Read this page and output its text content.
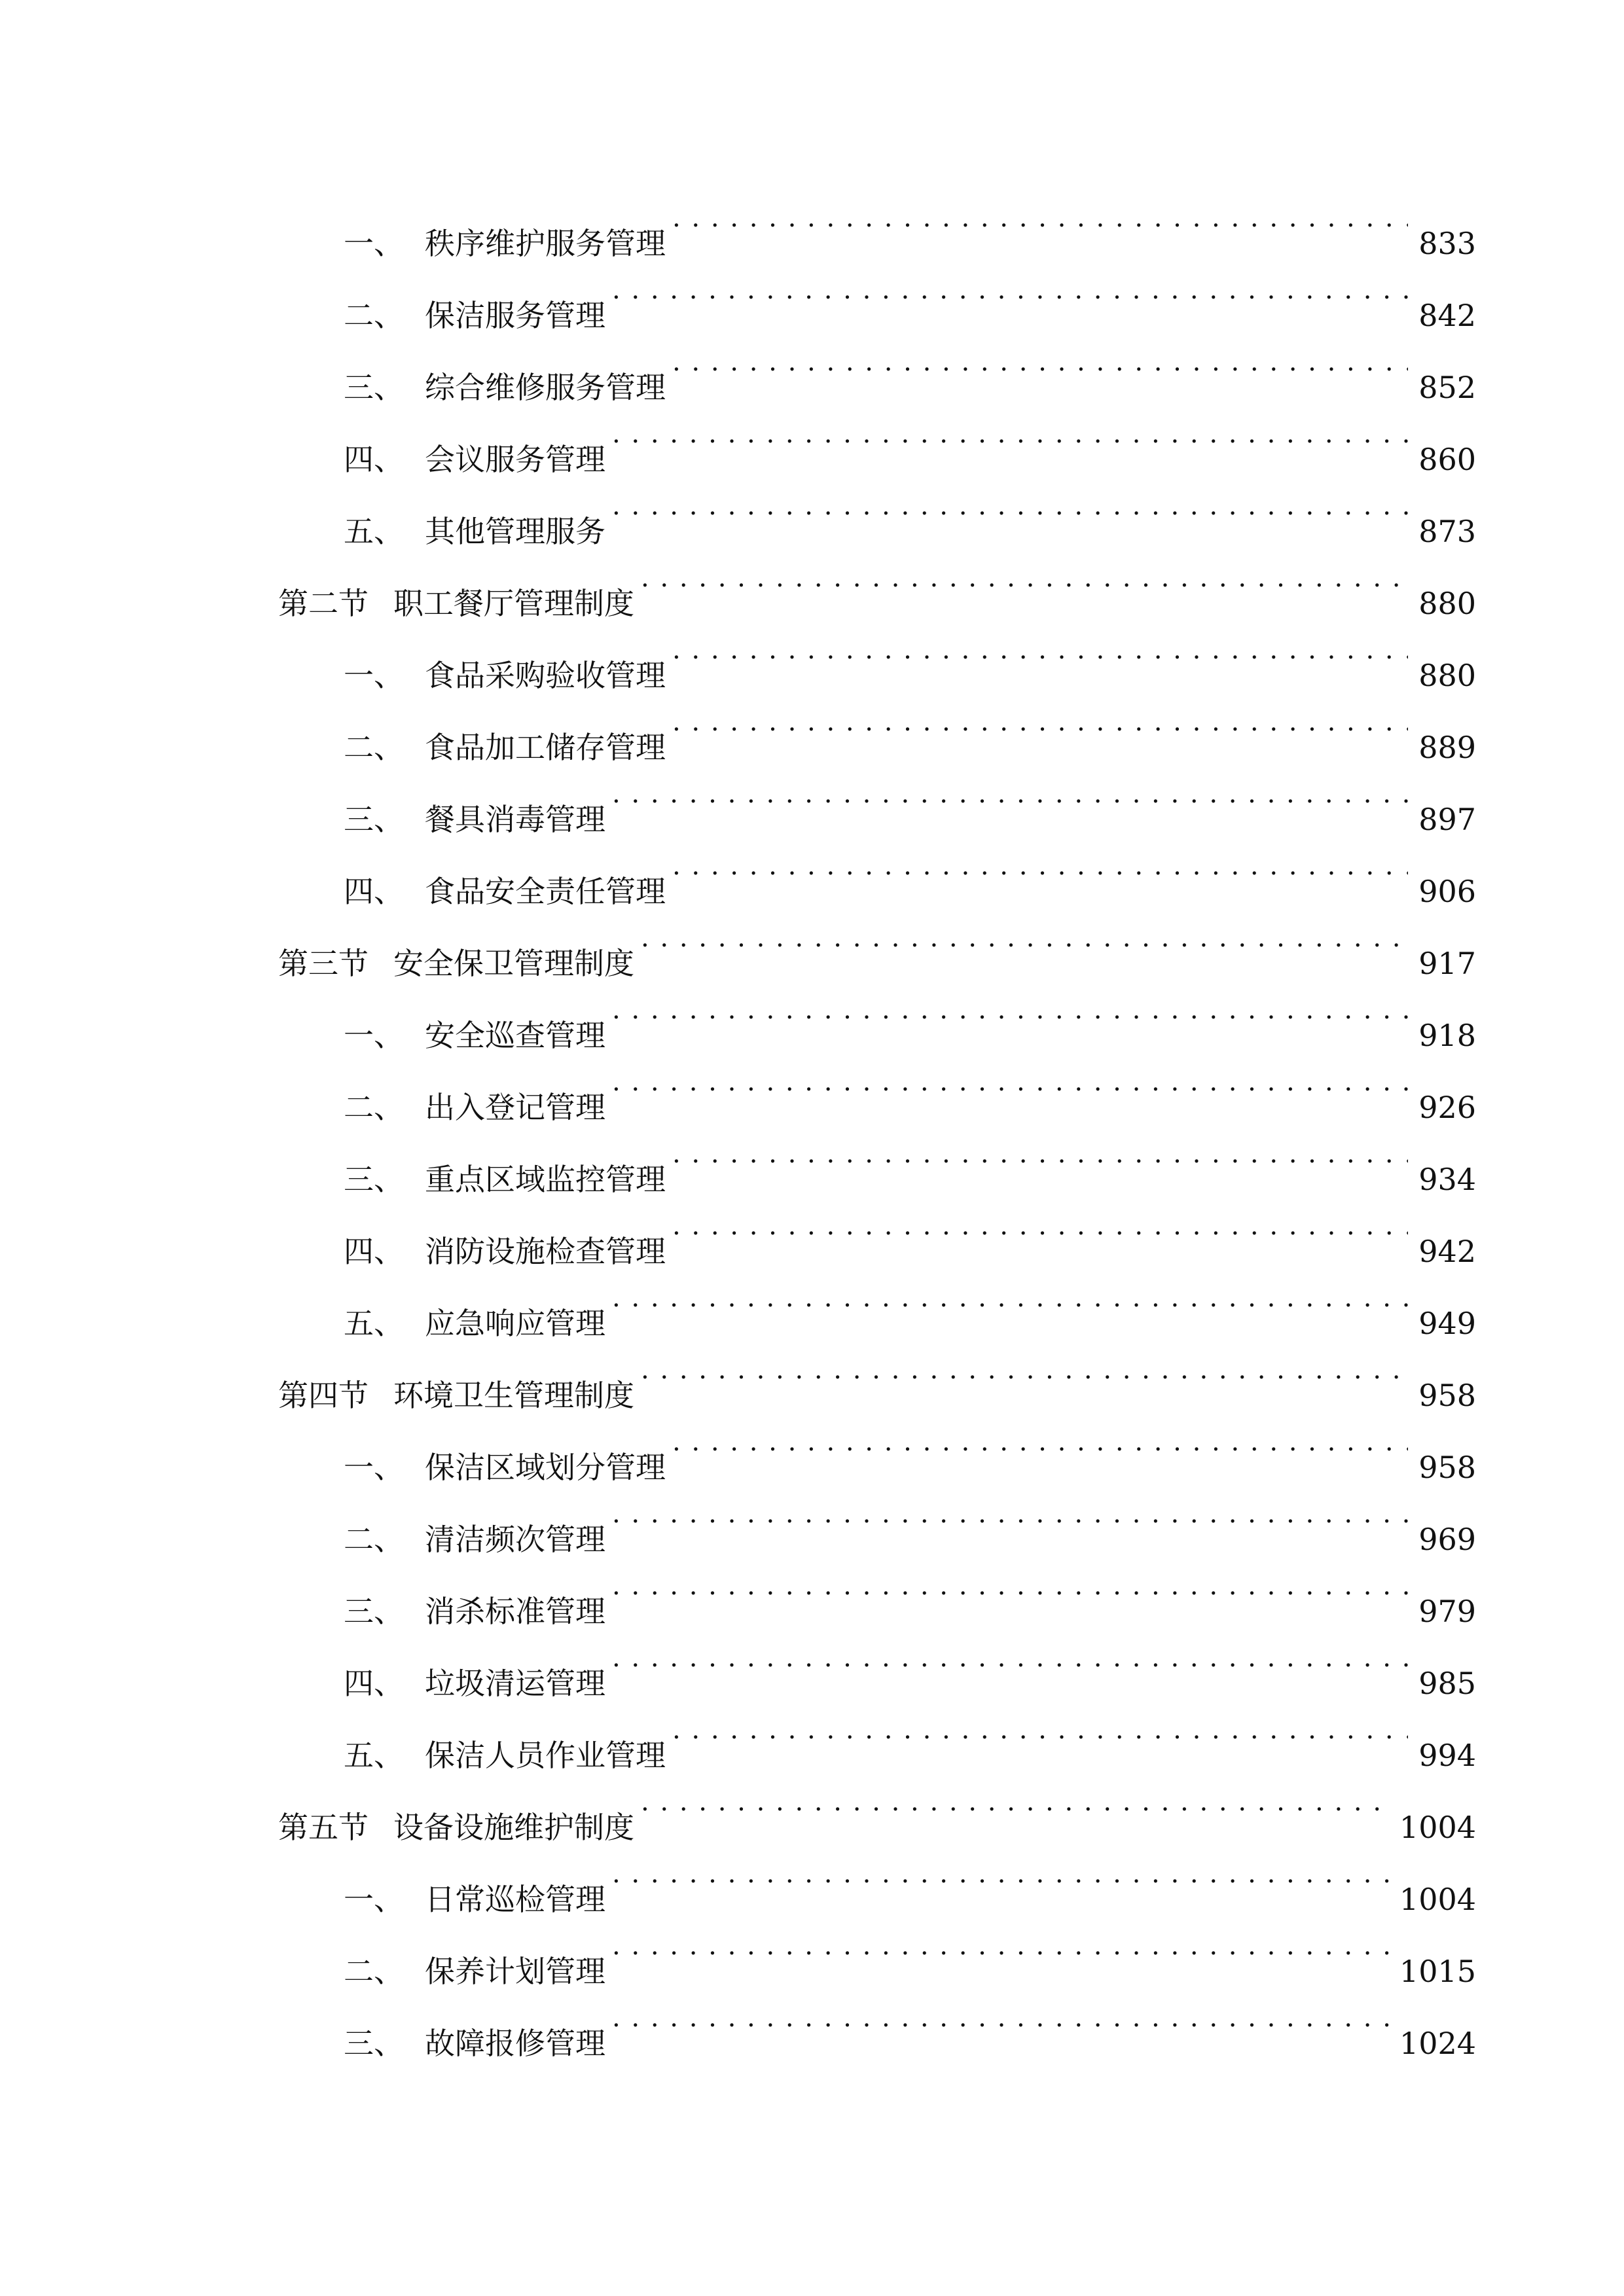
一、 秩序维护服务管理 . . .	833
二、 保洁服务管理 . . .	842
三、 综合维修服务管理 . . .	852
四、 会议服务管理 . . .	860
五、 其他管理服务 . . .	873
第二节 职工餐厅管理制度 . . .	880
一、 食品采购验收管理 . . .	880
二、 食品加工储存管理 . . .	889
三、 餐具消毒管理 . . .	897
四、 食品安全责任管理 . . .	906
第三节 安全保卫管理制度 . . .	917
一、 安全巡查管理 . . .	918
二、 出入登记管理 . . .	926
三、 重点区域监控管理 . . .	934
四、 消防设施检查管理 . . .	942
五、 应急响应管理 . . .	949
第四节 环境卫生管理制度 . . .	958
一、 保洁区域划分管理 . . .	958
二、 清洁频次管理 . . .	969
三、 消杀标准管理 . . .	979
四、 垃圾清运管理 . . .	985
五、 保洁人员作业管理 . . .	994
第五节 设备设施维护制度 . . .	1004
一、 日常巡检管理 . . .	1004
二、 保养计划管理 . . .	1015
三、 故障报修管理 . . .	1024
